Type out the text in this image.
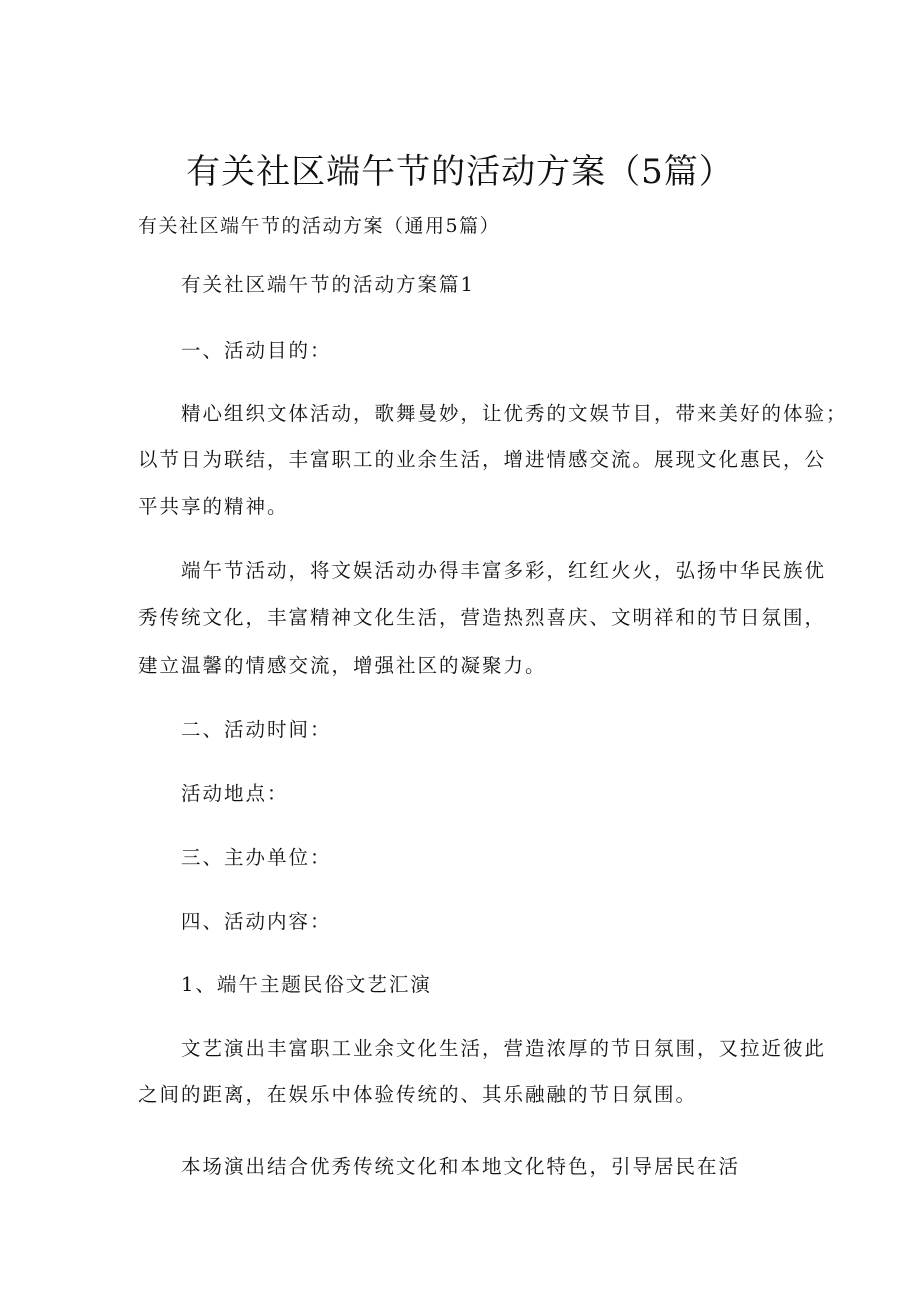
有关社区端午节的活动方案（5篇）

有关社区端午节的活动方案（通用5篇）

有关社区端午节的活动方案篇1

一、活动目的：

精心组织文体活动，歌舞曼妙，让优秀的文娱节目，带来美好的体验；

以节日为联结，丰富职工的业余生活，增进情感交流。展现文化惠民，公

平共享的精神。

端午节活动，将文娱活动办得丰富多彩，红红火火，弘扬中华民族优

秀传统文化，丰富精神文化生活，营造热烈喜庆、文明祥和的节日氛围，

建立温馨的情感交流，增强社区的凝聚力。

二、活动时间：

活动地点：

三、主办单位：

四、活动内容：

1、端午主题民俗文艺汇演

文艺演出丰富职工业余文化生活，营造浓厚的节日氛围，又拉近彼此

之间的距离，在娱乐中体验传统的、其乐融融的节日氛围。

本场演出结合优秀传统文化和本地文化特色，引导居民在活
